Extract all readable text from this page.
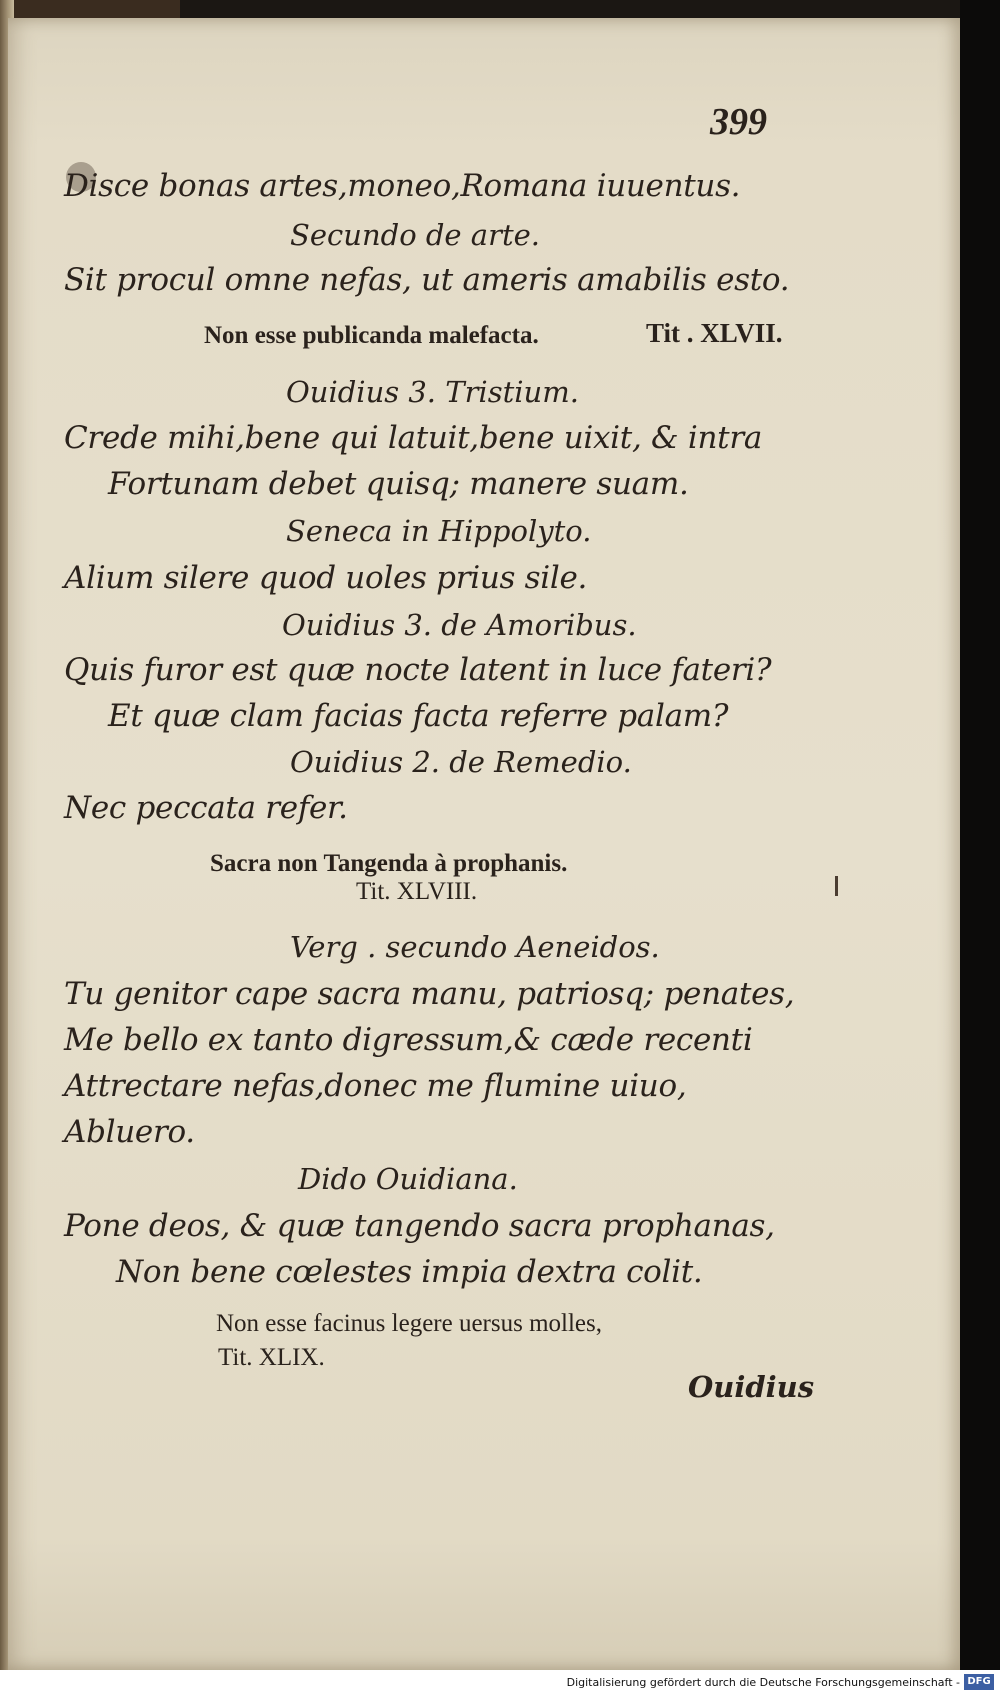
399
Disce bonas artes,moneo,Romana iuuentus.
Secundo de arte.
Sit procul omne nefas, ut ameris amabilis esto.
Non esse publicanda malefacta.	Tit . XLVII.
Ouidius 3. Tristium.
Crede mihi,bene qui latuit,bene uixit, & intra
Fortunam debet quisq; manere suam.
Seneca in Hippolyto.
Alium silere quod uoles prius sile.
Ouidius 3. de Amoribus.
Quis furor est quæ nocte latent in luce fateri?
Et quæ clam facias facta referre palam?
Ouidius 2. de Remedio.
Nec peccata refer.
Sacra non Tangenda à prophanis.
Tit. XLVIII.
Verg . secundo Aeneidos.
Tu genitor cape sacra manu, patriosq; penates,
Me bello ex tanto digressum,& cæde recenti
Attrectare nefas,donec me flumine uiuo,
Abluero.
Dido Ouidiana.
Pone deos, & quæ tangendo sacra prophanas,
Non bene cœlestes impia dextra colit.
Non esse facinus legere uersus molles,
Tit. XLIX.
Ouidius
Digitalisierung gefördert durch die Deutsche Forschungsgemeinschaft - DFG
